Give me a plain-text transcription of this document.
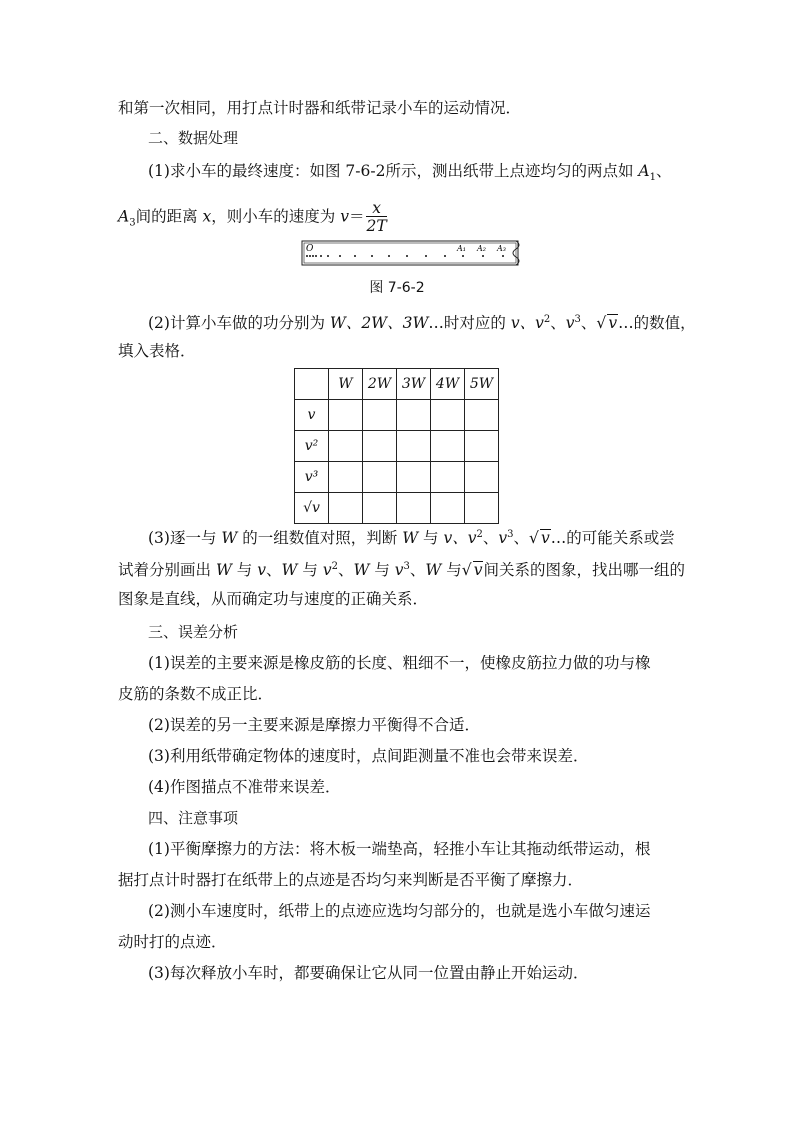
和第一次相同，用打点计时器和纸带记录小车的运动情况．
二、数据处理
(1)求小车的最终速度：如图 7-6-2所示，测出纸带上点迹均匀的两点如 $A_1$、
$A_3$间的距离 x，则小车的速度为 $v= \frac{x}{2T}$
O	A₁ A₂ A₃
图 7-6-2
(2)计算小车做的功分别为 W、2W、3W…时对应的 v、$v^2$、$v^3$、√ v…的数值，
填入表格．
	W	2W	3W	4W	5W
v					
v²					
v³					
√v					
(3)逐一与 W 的一组数值对照，判断 W 与 v、$v^2$、$v^3$、√ v…的可能关系或尝
试着分别画出 W 与 v、W 与 $v^2$、W 与 $v^3$、W 与√ v间关系的图象，找出哪一组的
图象是直线，从而确定功与速度的正确关系．
三、误差分析
(1)误差的主要来源是橡皮筋的长度、粗细不一，使橡皮筋拉力做的功与橡
皮筋的条数不成正比．
(2)误差的另一主要来源是摩擦力平衡得不合适．
(3)利用纸带确定物体的速度时，点间距测量不准也会带来误差．
(4)作图描点不准带来误差．
四、注意事项
(1)平衡摩擦力的方法：将木板一端垫高，轻推小车让其拖动纸带运动，根
据打点计时器打在纸带上的点迹是否均匀来判断是否平衡了摩擦力．
(2)测小车速度时，纸带上的点迹应选均匀部分的，也就是选小车做匀速运
动时打的点迹．
(3)每次释放小车时，都要确保让它从同一位置由静止开始运动．
